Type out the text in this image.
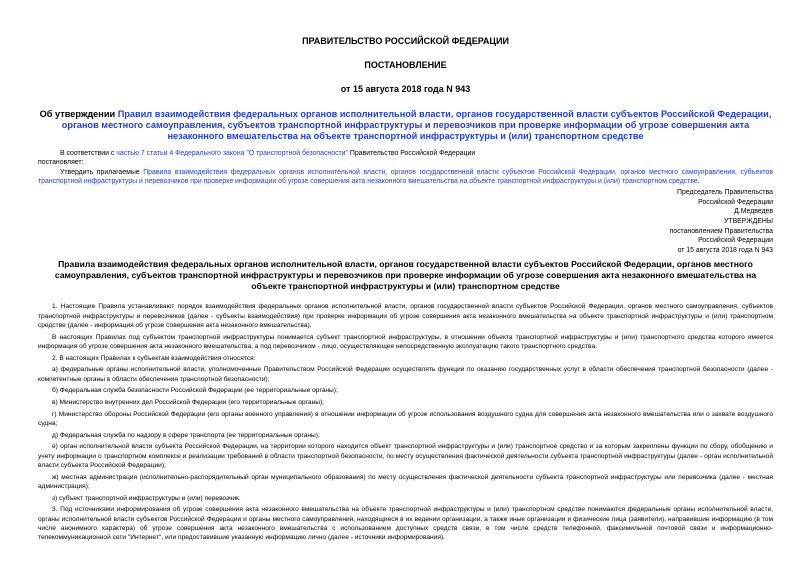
ПРАВИТЕЛЬСТВО РОССИЙСКОЙ ФЕДЕРАЦИИ
ПОСТАНОВЛЕНИЕ
от 15 августа 2018 года N 943
Об утверждении Правил взаимодействия федеральных органов исполнительной власти, органов государственной власти субъектов Российской Федерации, органов местного самоуправления, субъектов транспортной инфраструктуры и перевозчиков при проверке информации об угрозе совершения акта незаконного вмешательства на объекте транспортной инфраструктуры и (или) транспортном средстве

В соответствии с частью 7 статьи 4 Федерального закона "О транспортной безопасности" Правительство Российской Федерации

постановляет:

Утвердить прилагаемые Правила взаимодействия федеральных органов исполнительной власти, органов государственной власти субъектов Российской Федерации, органов местного самоуправления, субъектов транспортной инфраструктуры и перевозчиков при проверке информации об угрозе совершения акта незаконного вмешательства на объекте транспортной инфраструктуры и (или) транспортном средстве.

Председатель Правительства
Российской Федерации
Д.Медведев
УТВЕРЖДЕНЫ
постановлением Правительства
Российской Федерации
от 15 августа 2018 года N 943
Правила взаимодействия федеральных органов исполнительной власти, органов государственной власти субъектов Российской Федерации, органов местного самоуправления, субъектов транспортной инфраструктуры и перевозчиков при проверке информации об угрозе совершения акта незаконного вмешательства на объекте транспортной инфраструктуры и (или) транспортном средстве

1. Настоящие Правила устанавливают порядок взаимодействия федеральных органов исполнительной власти, органов государственной власти субъектов Российской Федерации, органов местного самоуправления, субъектов транспортной инфраструктуры и перевозчиков (далее - субъекты взаимодействия) при проверке информации об угрозе совершения акта незаконного вмешательства на объекте транспортной инфраструктуры и (или) транспортном средстве (далее - информация об угрозе совершения акта незаконного вмешательства).

В настоящих Правилах под субъектом транспортной инфраструктуры понимается субъект транспортной инфраструктуры, в отношении объекта транспортной инфраструктуры и (или) транспортного средства которого имеется информация об угрозе совершения акта незаконного вмешательства, а под перевозчиком - лицо, осуществляющее непосредственную эксплуатацию такого транспортного средства.

2. В настоящих Правилах к субъектам взаимодействия относятся:

а) федеральные органы исполнительной власти, уполномоченные Правительством Российской Федерации осуществлять функции по оказанию государственных услуг в области обеспечения транспортной безопасности (далее - компетентные органы в области обеспечения транспортной безопасности);

б) Федеральная служба безопасности Российской Федерации (ее территориальные органы);

в) Министерство внутренних дел Российской Федерации (его территориальные органы);

г) Министерство обороны Российской Федерации (его органы военного управления) в отношении информации об угрозе использования воздушного судна для совершения акта незаконного вмешательства или о захвате воздушного судна;

д) Федеральная служба по надзору в сфере транспорта (ее территориальные органы);

е) орган исполнительной власти субъекта Российской Федерации, на территории которого находится объект транспортной инфраструктуры и (или) транспортное средство и за которым закреплены функции по сбору, обобщению и учету информации о транспортном комплексе и реализации требований в области транспортной безопасности, по месту осуществления фактической деятельности субъекта транспортной инфраструктуры (далее - орган исполнительной власти субъекта Российской Федерации);

ж) местная администрация (исполнительно-распорядительный орган муниципального образования) по месту осуществления фактической деятельности субъекта транспортной инфраструктуры или перевозчика (далее - местная администрация);

з) субъект транспортной инфраструктуры и (или) перевозчик.

3. Под источниками информирования об угрозе совершения акта незаконного вмешательства на объекте транспортной инфраструктуры и (или) транспортном средстве понимаются федеральные органы исполнительной власти, органы исполнительной власти субъектов Российской Федерации и органы местного самоуправления, находящиеся в их ведении организации, а также иные организации и физические лица (заявители), направившие информацию (в том числе анонимного характера) об угрозе совершения акта незаконного вмешательства с использованием доступных средств связи, в том числе средств телефонной, факсимильной почтовой связи и информационно-телекоммуникационной сети "Интернет", или предоставившие указанную информацию лично (далее - источники информирования).
